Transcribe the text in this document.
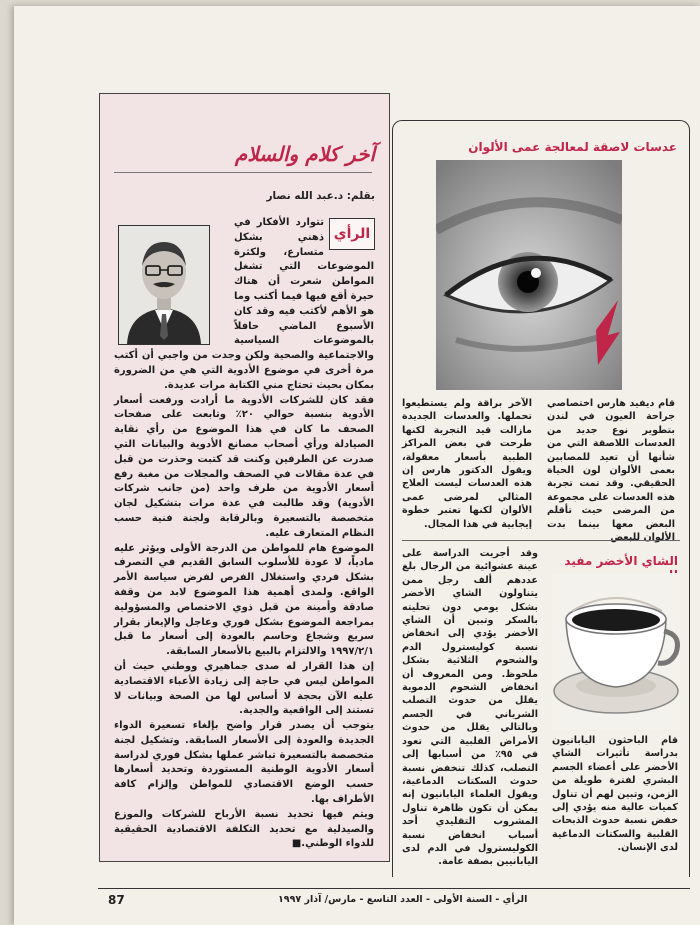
آخر كلام والسلام
بقلم: د.عبد الله نصار

تتوارد الأفكار في ذهني بشكل متسارع، ولكثرة الموضوعات التي تشغل المواطن شعرت أن هناك حيرة أقع فيها فيما أكتب وما هو الأهم لأكتب فيه وقد كان الأسبوع الماضي حافلاً بالموضوعات السياسية والاجتماعية والصحية ولكن وجدت من واجبي أن أكتب مرة أخرى في موضوع الأدوية التي هي من الضرورة بمكان بحيث تحتاج مني الكتابة مرات عديدة.

فقد كان للشركات الأدوية ما أرادت ورفعت أسعار الأدوية بنسبة حوالي ٢٠٪ وتابعت على صفحات الصحف ما كان في هذا الموضوع من رأي نقابة الصيادلة ورأي أصحاب مصانع الأدوية والبيانات التي صدرت عن الطرفين وكنت قد كتبت وحذرت من قبل في عدة مقالات في الصحف والمجلات من مغبة رفع أسعار الأدوية من طرف واحد (من جانب شركات الأدوية) وقد طالبت في عدة مرات بتشكيل لجان متخصصة بالتسعيرة وبالرقابة ولجنة فنية حسب النظام المتعارف عليه.

الموضوع هام للمواطن من الدرجة الأولى ويؤثر عليه مادياً، لا عودة للأسلوب السابق القديم في التصرف بشكل فردي واستغلال الفرص لفرض سياسة الأمر الواقع. ولمدى أهمية هذا الموضوع لابد من وقفة صادقة وأمينة من قبل ذوي الاختصاص والمسؤولية بمراجعة الموضوع بشكل فوري وعاجل والإيعاز بقرار سريع وشجاع وحاسم بالعودة إلى أسعار ما قبل ١٩٩٧/٢/١ والالتزام بالبيع بالأسعار السابقة.

إن هذا القرار له صدى جماهيري ووطني حيث أن المواطن ليس في حاجة إلى زيادة الأعباء الاقتصادية عليه الآن بحجة لا أساس لها من الصحة وبيانات لا تستند إلى الواقعية والجدية.

يتوجب أن يصدر قرار واضح بإلغاء تسعيرة الدواء الجديدة والعودة إلى الأسعار السابقة. وتشكيل لجنة متخصصة بالتسعيرة تباشر عملها بشكل فوري لدراسة أسعار الأدوية الوطنية المستوردة وتحديد أسعارها حسب الوضع الاقتصادي للمواطن وإلزام كافة الأطراف بها.

ويتم فيها تحديد نسبة الأرباح للشركات والموزع والصيدلية مع تحديد التكلفة الاقتصادية الحقيقية للدواء الوطني.■

الرأي
عدسات لاصقة لمعالجة عمى الألوان
قام ديفيد هارس اختصاصي جراحة العيون في لندن بتطوير نوع جديد من العدسات اللاصقة التي من شأنها أن تعيد للمصابين بعمى الألوان لون الحياة الحقيقي. وقد تمت تجربة هذه العدسات على مجموعة من المرضى حيث تأقلم البعض معها بينما بدت الألوان للبعض
الآخر براقة ولم يستطيعوا تحملها. والعدسات الجديدة مازالت قيد التجربة لكنها طرحت في بعض المراكز الطبية بأسعار معقولة، ويقول الدكتور هارس إن هذه العدسات ليست العلاج المثالي لمرضى عمى الألوان لكنها تعتبر خطوة إيجابية في هذا المجال.
الشاي الأخضر مفيد
قام الباحثون اليابانيون بدراسة تأثيرات الشاي الأخضر على أعضاء الجسم البشري لفترة طويلة من الزمن، وتبين لهم أن تناول كميات عالية منه يؤدي إلى خفض نسبة حدوث الذبحات القلبية والسكتات الدماغية لدى الإنسان.
وقد أجريت الدراسة على عينة عشوائية من الرجال بلغ عددهم ألف رجل ممن يتناولون الشاي الأخضر بشكل يومي دون تحليته بالسكر وتبين أن الشاي الأخضر يؤدي إلى انخفاض نسبة كوليسترول الدم والشحوم الثلاثية بشكل ملحوظ. ومن المعروف أن انخفاض الشحوم الدموية يقلل من حدوث التصلب الشرياني في الجسم وبالتالي يقلل من حدوث الأمراض القلبية التي تعود في ٩٥٪ من أسبابها إلى التصلب، كذلك تنخفض نسبة حدوث السكتات الدماغية، ويقول العلماء اليابانيون إنه يمكن أن تكون ظاهرة تناول المشروب التقليدي أحد أسباب انخفاض نسبة الكوليسترول في الدم لدى اليابانيين بصفة عامة.
87	الرأي - السنة الأولى - العدد التاسع - مارس/ آذار ١٩٩٧
